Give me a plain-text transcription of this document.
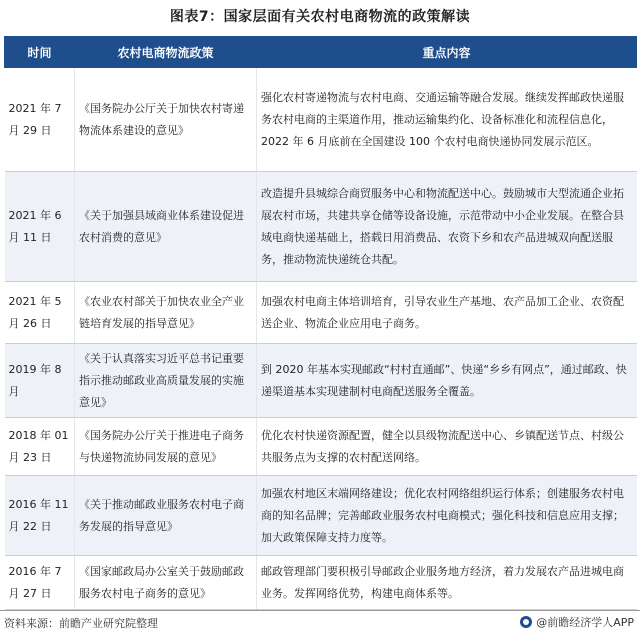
图表7：国家层面有关农村电商物流的政策解读
时间	农村电商物流政策	重点内容
2021 年 7 月 29 日	《国务院办公厅关于加快农村寄递物流体系建设的意见》	强化农村寄递物流与农村电商、交通运输等融合发展。继续发挥邮政快递服务农村电商的主渠道作用，推动运输集约化、设备标准化和流程信息化，2022 年 6 月底前在全国建设 100 个农村电商快递协同发展示范区。
2021 年 6 月 11 日	《关于加强县域商业体系建设促进农村消费的意见》	改造提升县城综合商贸服务中心和物流配送中心。鼓励城市大型流通企业拓展农村市场，共建共享仓储等设备设施，示范带动中小企业发展。在整合县域电商快递基础上，搭载日用消费品、农资下乡和农产品进城双向配送服务，推动物流快递统仓共配。
2021 年 5 月 26 日	《农业农村部关于加快农业全产业链培育发展的指导意见》	加强农村电商主体培训培育，引导农业生产基地、农产品加工企业、农资配送企业、物流企业应用电子商务。
2019 年 8 月	《关于认真落实习近平总书记重要指示推动邮政业高质量发展的实施意见》	到 2020 年基本实现邮政“村村直通邮”、快递“乡乡有网点”，通过邮政、快递渠道基本实现建制村电商配送服务全覆盖。
2018 年 01 月 23 日	《国务院办公厅关于推进电子商务与快递物流协同发展的意见》	优化农村快递资源配置，健全以县级物流配送中心、乡镇配送节点、村级公共服务点为支撑的农村配送网络。
2016 年 11 月 22 日	《关于推动邮政业服务农村电子商务发展的指导意见》	加强农村地区末端网络建设；优化农村网络组织运行体系；创建服务农村电商的知名品牌；完善邮政业服务农村电商模式；强化科技和信息应用支撑；加大政策保障支持力度等。
2016 年 7 月 27 日	《国家邮政局办公室关于鼓励邮政服务农村电子商务的意见》	邮政管理部门要积极引导邮政企业服务地方经济，着力发展农产品进城电商业务。发挥网络优势，构建电商体系等。
资料来源：前瞻产业研究院整理	@前瞻经济学人APP
